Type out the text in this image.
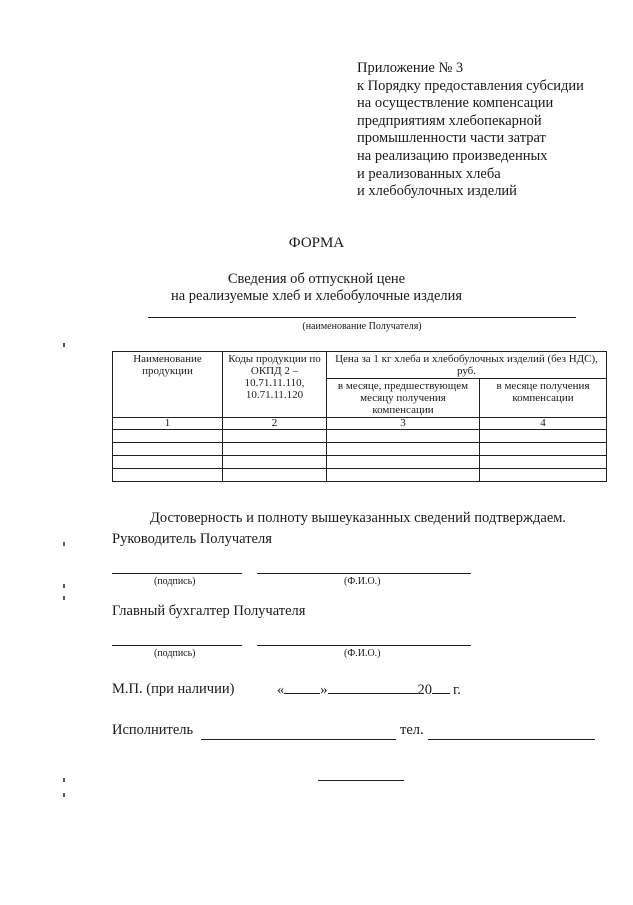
Приложение № 3
к Порядку предоставления субсидии
на осуществление компенсации
предприятиям хлебопекарной
промышленности части затрат
на реализацию произведенных
и реализованных хлеба
и хлебобулочных изделий
ФОРМА
Сведения об отпускной цене
на реализуемые хлеб и хлебобулочные изделия
(наименование Получателя)
Наименование продукции	Коды продукции по ОКПД 2 – 10.71.11.110, 10.71.11.120	Цена за 1 кг хлеба и хлебобулочных изделий (без НДС), руб.	
		в месяце, предшествующем месяцу получения компенсации	в месяце получения компенсации
1	2	3	4

Достоверность и полноту вышеуказанных сведений подтверждаем.
Руководитель Получателя
(подпись)	(Ф.И.О.)
Главный бухгалтер Получателя
(подпись)	(Ф.И.О.)
М.П. (при наличии)	« »	20 г.
Исполнитель	тел.
